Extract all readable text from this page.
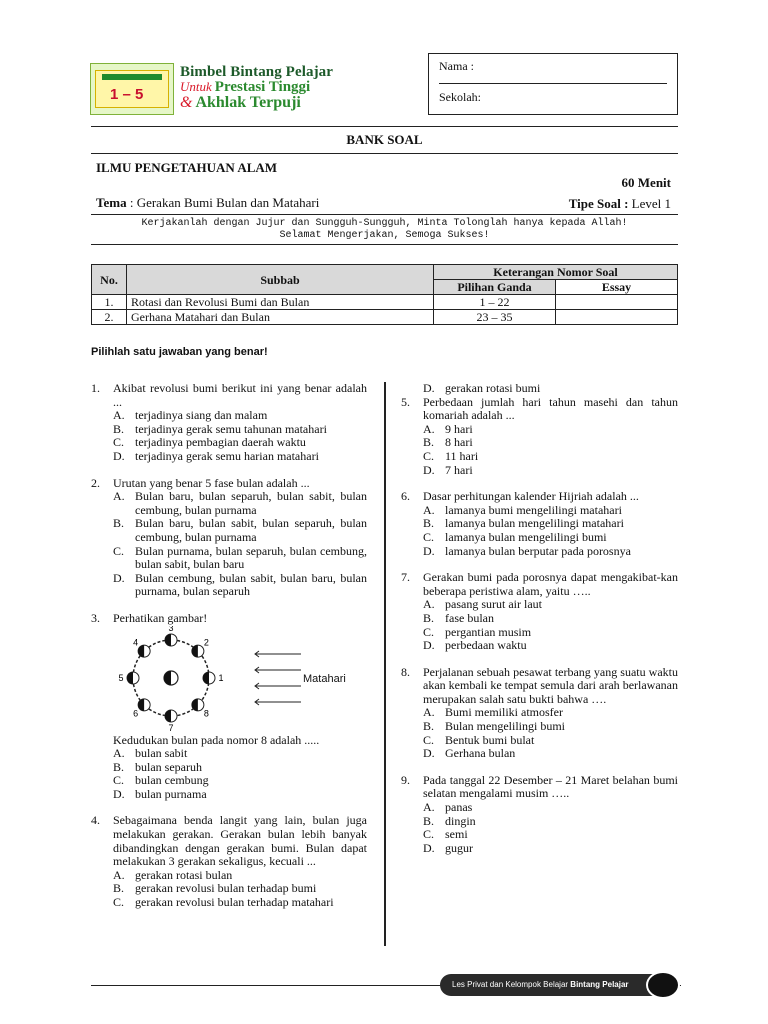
1 – 5
Bimbel Bintang Pelajar
Untuk Prestasi Tinggi
& Akhlak Terpuji
Nama :
Sekolah:
BANK SOAL
ILMU PENGETAHUAN ALAM
60 Menit
Tema : Gerakan Bumi Bulan dan Matahari	Tipe Soal : Level 1
Kerjakanlah dengan Jujur dan Sungguh-Sungguh, Minta Tolonglah hanya kepada Allah!
Selamat Mengerjakan, Semoga Sukses!
No.	Subbab	Keterangan Nomor Soal	
		Pilihan Ganda	Essay
1.	Rotasi dan Revolusi Bumi dan Bulan	1 – 22	
2.	Gerhana Matahari dan Bulan	23 – 35	
Pilihlah satu jawaban yang benar!
1. Akibat revolusi bumi berikut ini yang benar adalah ...
A. terjadinya siang dan malam
B. terjadinya gerak semu tahunan matahari
C. terjadinya pembagian daerah waktu
D. terjadinya gerak semu harian matahari
2. Urutan yang benar 5 fase bulan adalah ...
A. Bulan baru, bulan separuh, bulan sabit, bulan cembung, bulan purnama
B. Bulan baru, bulan sabit, bulan separuh, bulan cembung, bulan purnama
C. Bulan purnama, bulan separuh, bulan cembung, bulan sabit, bulan baru
D. Bulan cembung, bulan sabit, bulan baru, bulan purnama, bulan separuh
3. Perhatikan gambar!
1
2
3
4
5
6
7
8
Matahari
Kedudukan bulan pada nomor 8 adalah .....
A. bulan sabit
B. bulan separuh
C. bulan cembung
D. bulan purnama
4. Sebagaimana benda langit yang lain, bulan juga melakukan gerakan. Gerakan bulan lebih banyak dibandingkan dengan gerakan bumi. Bulan dapat melakukan 3 gerakan sekaligus, kecuali ...
A. gerakan rotasi bulan
B. gerakan revolusi bulan terhadap bumi
C. gerakan revolusi bulan terhadap matahari
D. gerakan rotasi bumi
5. Perbedaan jumlah hari tahun masehi dan tahun komariah adalah ...
A. 9 hari
B. 8 hari
C. 11 hari
D. 7 hari
6. Dasar perhitungan kalender Hijriah adalah ...
A. lamanya bumi mengelilingi matahari
B. lamanya bulan mengelilingi matahari
C. lamanya bulan mengelilingi bumi
D. lamanya bulan berputar pada porosnya
7. Gerakan bumi pada porosnya dapat mengakibat-kan beberapa peristiwa alam, yaitu …..
A. pasang surut air laut
B. fase bulan
C. pergantian musim
D. perbedaan waktu
8. Perjalanan sebuah pesawat terbang yang suatu waktu akan kembali ke tempat semula dari arah berlawanan merupakan salah satu bukti bahwa ….
A. Bumi memiliki atmosfer
B. Bulan mengelilingi bumi
C. Bentuk bumi bulat
D. Gerhana bulan
9. Pada tanggal 22 Desember – 21 Maret belahan bumi selatan mengalami musim …..
A. panas
B. dingin
C. semi
D. gugur
Les Privat dan Kelompok Belajar Bintang Pelajar
